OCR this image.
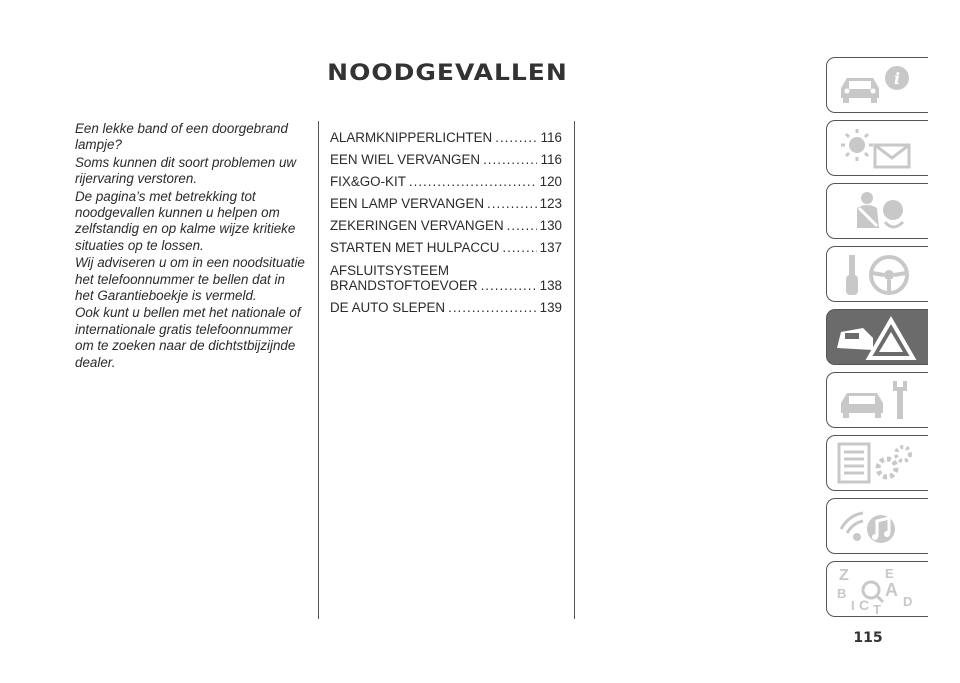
NOODGEVALLEN

Een lekke band of een doorgebrand lampje?

Soms kunnen dit soort problemen uw rijervaring verstoren.

De pagina’s met betrekking tot noodgevallen kunnen u helpen om zelfstandig en op kalme wijze kritieke situaties op te lossen.

Wij adviseren u om in een noodsituatie het telefoonnummer te bellen dat in het Garantieboekje is vermeld.

Ook kunt u bellen met het nationale of internationale gratis telefoonnummer om te zoeken naar de dichtstbijzijnde dealer.

ALARMKNIPPERLICHTEN .....	116
EEN WIEL VERVANGEN .....	116
FIX&GO-KIT .....	120
EEN LAMP VERVANGEN .....	123
ZEKERINGEN VERVANGEN .....	130
STARTEN MET HULPACCU .....	137
AFSLUITSYSTEEM
BRANDSTOFTOEVOER .....	138
DE AUTO SLEPEN .....	139
i
Z	E
B A
C	D
I T
115
